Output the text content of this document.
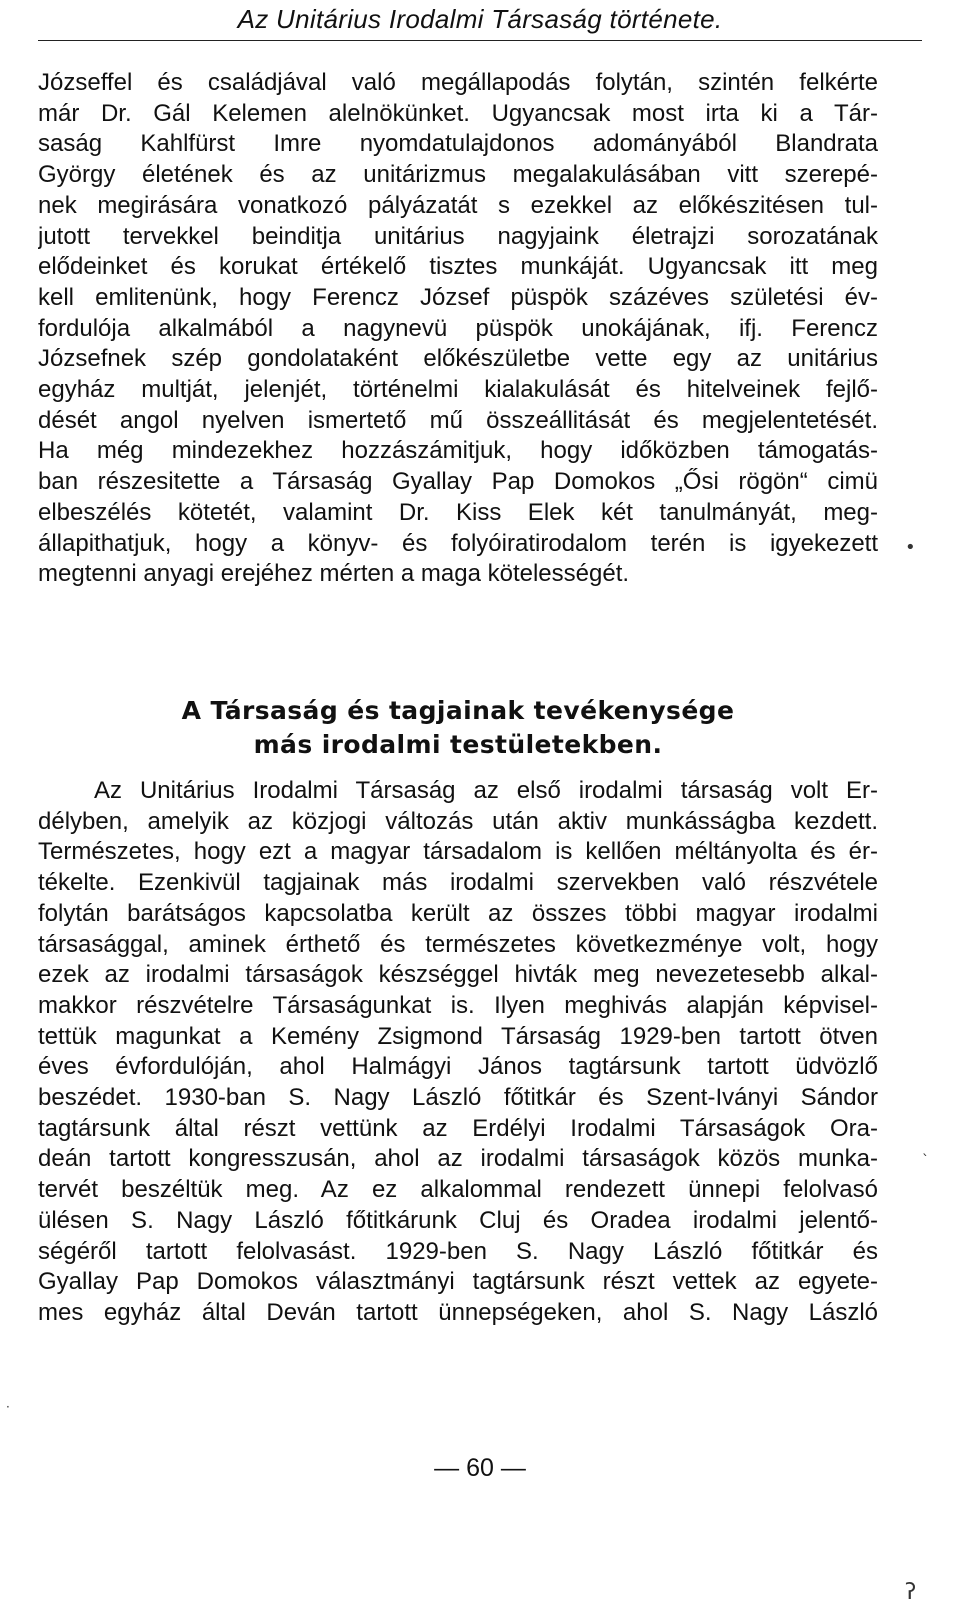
Az Unitárius Irodalmi Társaság története.
Józseffel és családjával való megállapodás folytán, szintén felkérte
már Dr. Gál Kelemen alelnökünket. Ugyancsak most irta ki a Tár-
saság Kahlfürst Imre nyomdatulajdonos adományából Blandrata
György életének és az unitárizmus megalakulásában vitt szerepé-
nek megirására vonatkozó pályázatát s ezekkel az előkészitésen tul-
jutott tervekkel beinditja unitárius nagyjaink életrajzi sorozatának
elődeinket és korukat értékelő tisztes munkáját. Ugyancsak itt meg
kell emlitenünk, hogy Ferencz József püspök százéves születési év-
fordulója alkalmából a nagynevü püspök unokájának, ifj. Ferencz
Józsefnek szép gondolataként előkészületbe vette egy az unitárius
egyház multját, jelenjét, történelmi kialakulását és hitelveinek fejlő-
dését angol nyelven ismertető mű összeállitását és megjelentetését.
Ha még mindezekhez hozzászámitjuk, hogy időközben támogatás-
ban részesitette a Társaság Gyallay Pap Domokos „Ősi rögön“ cimü
elbeszélés kötetét, valamint Dr. Kiss Elek két tanulmányát, meg-
állapithatjuk, hogy a könyv- és folyóiratirodalom terén is igyekezett
megtenni anyagi erejéhez mérten a maga kötelességét.
A Társaság és tagjainak tevékenysége
más irodalmi testületekben.
Az Unitárius Irodalmi Társaság az első irodalmi társaság volt Er-
délyben, amelyik az közjogi változás után aktiv munkásságba kezdett.
Természetes, hogy ezt a magyar társadalom is kellően méltányolta és ér-
tékelte. Ezenkivül tagjainak más irodalmi szervekben való részvétele
folytán barátságos kapcsolatba került az összes többi magyar irodalmi
társasággal, aminek érthető és természetes következménye volt, hogy
ezek az irodalmi társaságok készséggel hivták meg nevezetesebb alkal-
makkor részvételre Társaságunkat is. Ilyen meghivás alapján képvisel-
tettük magunkat a Kemény Zsigmond Társaság 1929-ben tartott ötven
éves évfordulóján, ahol Halmágyi János tagtársunk tartott üdvözlő
beszédet. 1930-ban S. Nagy László főtitkár és Szent-Iványi Sándor
tagtársunk által részt vettünk az Erdélyi Irodalmi Társaságok Ora-
deán tartott kongresszusán, ahol az irodalmi társaságok közös munka-
tervét beszéltük meg. Az ez alkalommal rendezett ünnepi felolvasó
ülésen S. Nagy László főtitkárunk Cluj és Oradea irodalmi jelentő-
ségéről tartott felolvasást. 1929-ben S. Nagy László főtitkár és
Gyallay Pap Domokos választmányi tagtársunk részt vettek az egyete-
mes egyház által Deván tartott ünnepségeken, ahol S. Nagy László
— 60 —
•
ˋ
ʔ
·
